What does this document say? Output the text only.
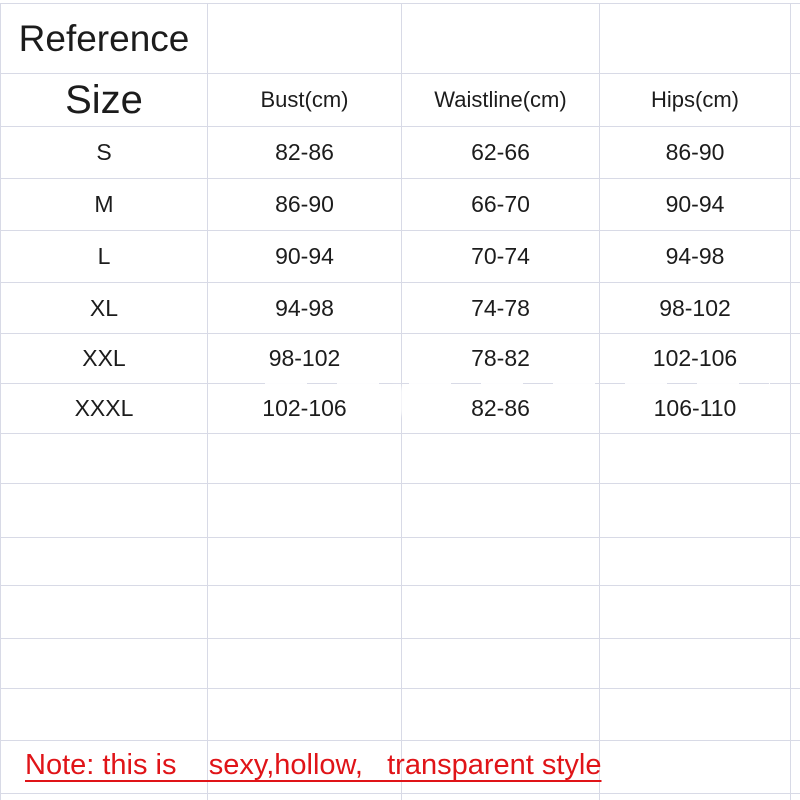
Reference				
Size	Bust(cm)	Waistline(cm)	Hips(cm)	
S	82-86	62-66	86-90	
M	86-90	66-70	90-94	
L	90-94	70-74	94-98	
XL	94-98	74-78	98-102	
XXL	98-102	78-82	102-106	
XXXL	102-106	82-86	106-110	

Note: this is    sexy,hollow,   transparent style
